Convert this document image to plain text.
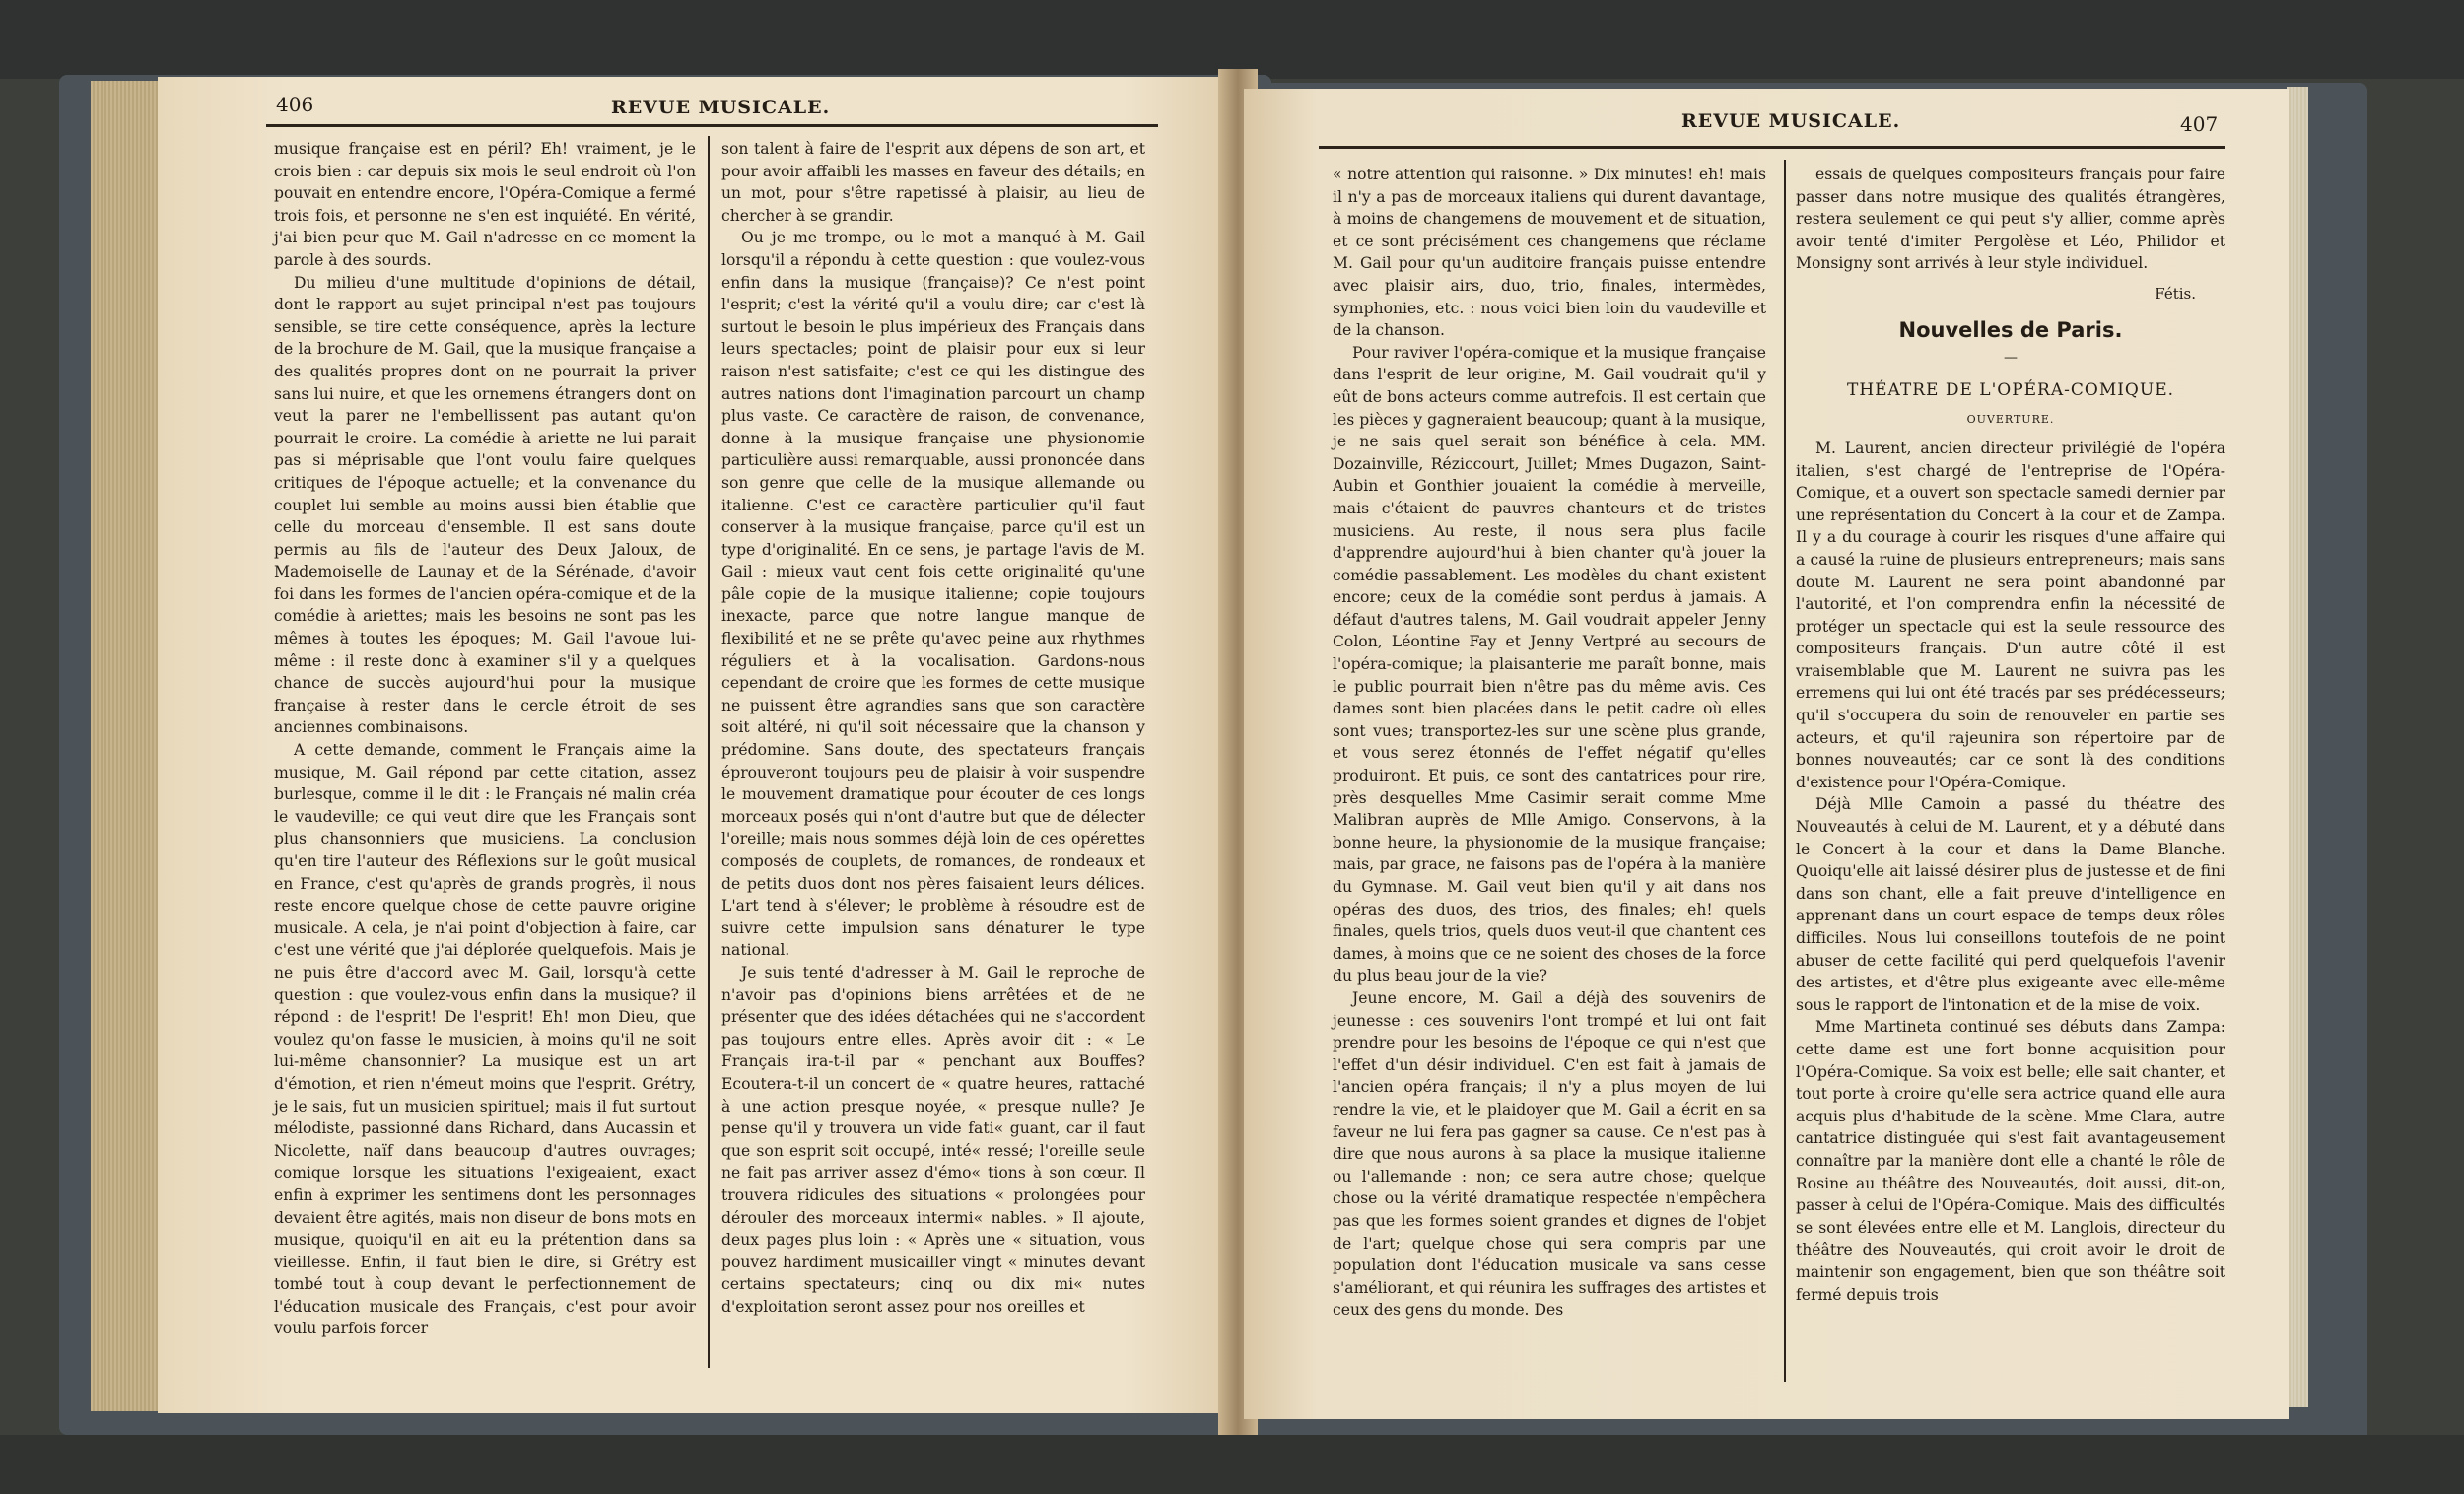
406	REVUE MUSICALE.

musique française est en péril? Eh! vraiment, je le crois bien : car depuis six mois le seul endroit où l'on pouvait en entendre encore, l'Opéra-Comique a fermé trois fois, et personne ne s'en est inquiété. En vérité, j'ai bien peur que M. Gail n'adresse en ce moment la parole à des sourds.

Du milieu d'une multitude d'opinions de détail, dont le rapport au sujet principal n'est pas toujours sensible, se tire cette conséquence, après la lecture de la brochure de M. Gail, que la musique française a des qualités propres dont on ne pourrait la priver sans lui nuire, et que les ornemens étrangers dont on veut la parer ne l'embellissent pas autant qu'on pourrait le croire. La comédie à ariette ne lui parait pas si méprisable que l'ont voulu faire quelques critiques de l'époque actuelle; et la convenance du couplet lui semble au moins aussi bien établie que celle du morceau d'ensemble. Il est sans doute permis au fils de l'auteur des Deux Jaloux, de Mademoiselle de Launay et de la Sérénade, d'avoir foi dans les formes de l'ancien opéra-comique et de la comédie à ariettes; mais les besoins ne sont pas les mêmes à toutes les époques; M. Gail l'avoue lui-même : il reste donc à examiner s'il y a quelques chance de succès aujourd'hui pour la musique française à rester dans le cercle étroit de ses anciennes combinaisons.

A cette demande, comment le Français aime la musique, M. Gail répond par cette citation, assez burlesque, comme il le dit : le Français né malin créa le vaudeville; ce qui veut dire que les Français sont plus chansonniers que musiciens. La conclusion qu'en tire l'auteur des Réflexions sur le goût musical en France, c'est qu'après de grands progrès, il nous reste encore quelque chose de cette pauvre origine musicale. A cela, je n'ai point d'objection à faire, car c'est une vérité que j'ai déplorée quelquefois. Mais je ne puis être d'accord avec M. Gail, lorsqu'à cette question : que voulez-vous enfin dans la musique? il répond : de l'esprit! De l'esprit! Eh! mon Dieu, que voulez qu'on fasse le musicien, à moins qu'il ne soit lui-même chansonnier? La musique est un art d'émotion, et rien n'émeut moins que l'esprit. Grétry, je le sais, fut un musicien spirituel; mais il fut surtout mélodiste, passionné dans Richard, dans Aucassin et Nicolette, naïf dans beaucoup d'autres ouvrages; comique lorsque les situations l'exigeaient, exact enfin à exprimer les sentimens dont les personnages devaient être agités, mais non diseur de bons mots en musique, quoiqu'il en ait eu la prétention dans sa vieillesse. Enfin, il faut bien le dire, si Grétry est tombé tout à coup devant le perfectionnement de l'éducation musicale des Français, c'est pour avoir voulu parfois forcer

son talent à faire de l'esprit aux dépens de son art, et pour avoir affaibli les masses en faveur des détails; en un mot, pour s'être rapetissé à plaisir, au lieu de chercher à se grandir.

Ou je me trompe, ou le mot a manqué à M. Gail lorsqu'il a répondu à cette question : que voulez-vous enfin dans la musique (française)? Ce n'est point l'esprit; c'est la vérité qu'il a voulu dire; car c'est là surtout le besoin le plus impérieux des Français dans leurs spectacles; point de plaisir pour eux si leur raison n'est satisfaite; c'est ce qui les distingue des autres nations dont l'imagination parcourt un champ plus vaste. Ce caractère de raison, de convenance, donne à la musique française une physionomie particulière aussi remarquable, aussi prononcée dans son genre que celle de la musique allemande ou italienne. C'est ce caractère particulier qu'il faut conserver à la musique française, parce qu'il est un type d'originalité. En ce sens, je partage l'avis de M. Gail : mieux vaut cent fois cette originalité qu'une pâle copie de la musique italienne; copie toujours inexacte, parce que notre langue manque de flexibilité et ne se prête qu'avec peine aux rhythmes réguliers et à la vocalisation. Gardons-nous cependant de croire que les formes de cette musique ne puissent être agrandies sans que son caractère soit altéré, ni qu'il soit nécessaire que la chanson y prédomine. Sans doute, des spectateurs français éprouveront toujours peu de plaisir à voir suspendre le mouvement dramatique pour écouter de ces longs morceaux posés qui n'ont d'autre but que de délecter l'oreille; mais nous sommes déjà loin de ces opérettes composés de couplets, de romances, de rondeaux et de petits duos dont nos pères faisaient leurs délices. L'art tend à s'élever; le problème à résoudre est de suivre cette impulsion sans dénaturer le type national.

Je suis tenté d'adresser à M. Gail le reproche de n'avoir pas d'opinions biens arrêtées et de ne présenter que des idées détachées qui ne s'accordent pas toujours entre elles. Après avoir dit : « Le Français ira-t-il par « penchant aux Bouffes? Ecoutera-t-il un concert de « quatre heures, rattaché à une action presque noyée, « presque nulle? Je pense qu'il y trouvera un vide fati« guant, car il faut que son esprit soit occupé, inté« ressé; l'oreille seule ne fait pas arriver assez d'émo« tions à son cœur. Il trouvera ridicules des situations « prolongées pour dérouler des morceaux intermi« nables. » Il ajoute, deux pages plus loin : « Après une « situation, vous pouvez hardiment musicailler vingt « minutes devant certains spectateurs; cinq ou dix mi« nutes d'exploitation seront assez pour nos oreilles et

REVUE MUSICALE.	407

« notre attention qui raisonne. » Dix minutes! eh! mais il n'y a pas de morceaux italiens qui durent davantage, à moins de changemens de mouvement et de situation, et ce sont précisément ces changemens que réclame M. Gail pour qu'un auditoire français puisse entendre avec plaisir airs, duo, trio, finales, intermèdes, symphonies, etc. : nous voici bien loin du vaudeville et de la chanson.

Pour raviver l'opéra-comique et la musique française dans l'esprit de leur origine, M. Gail voudrait qu'il y eût de bons acteurs comme autrefois. Il est certain que les pièces y gagneraient beaucoup; quant à la musique, je ne sais quel serait son bénéfice à cela. MM. Dozainville, Réziccourt, Juillet; Mmes Dugazon, Saint-Aubin et Gonthier jouaient la comédie à merveille, mais c'étaient de pauvres chanteurs et de tristes musiciens. Au reste, il nous sera plus facile d'apprendre aujourd'hui à bien chanter qu'à jouer la comédie passablement. Les modèles du chant existent encore; ceux de la comédie sont perdus à jamais. A défaut d'autres talens, M. Gail voudrait appeler Jenny Colon, Léontine Fay et Jenny Vertpré au secours de l'opéra-comique; la plaisanterie me paraît bonne, mais le public pourrait bien n'être pas du même avis. Ces dames sont bien placées dans le petit cadre où elles sont vues; transportez-les sur une scène plus grande, et vous serez étonnés de l'effet négatif qu'elles produiront. Et puis, ce sont des cantatrices pour rire, près desquelles Mme Casimir serait comme Mme Malibran auprès de Mlle Amigo. Conservons, à la bonne heure, la physionomie de la musique française; mais, par grace, ne faisons pas de l'opéra à la manière du Gymnase. M. Gail veut bien qu'il y ait dans nos opéras des duos, des trios, des finales; eh! quels finales, quels trios, quels duos veut-il que chantent ces dames, à moins que ce ne soient des choses de la force du plus beau jour de la vie?

Jeune encore, M. Gail a déjà des souvenirs de jeunesse : ces souvenirs l'ont trompé et lui ont fait prendre pour les besoins de l'époque ce qui n'est que l'effet d'un désir individuel. C'en est fait à jamais de l'ancien opéra français; il n'y a plus moyen de lui rendre la vie, et le plaidoyer que M. Gail a écrit en sa faveur ne lui fera pas gagner sa cause. Ce n'est pas à dire que nous aurons à sa place la musique italienne ou l'allemande : non; ce sera autre chose; quelque chose ou la vérité dramatique respectée n'empêchera pas que les formes soient grandes et dignes de l'objet de l'art; quelque chose qui sera compris par une population dont l'éducation musicale va sans cesse s'améliorant, et qui réunira les suffrages des artistes et ceux des gens du monde. Des

essais de quelques compositeurs français pour faire passer dans notre musique des qualités étrangères, restera seulement ce qui peut s'y allier, comme après avoir tenté d'imiter Pergolèse et Léo, Philidor et Monsigny sont arrivés à leur style individuel.

Fétis.
Nouvelles de Paris.
—
THÉATRE DE L'OPÉRA-COMIQUE.
OUVERTURE.

M. Laurent, ancien directeur privilégié de l'opéra italien, s'est chargé de l'entreprise de l'Opéra-Comique, et a ouvert son spectacle samedi dernier par une représentation du Concert à la cour et de Zampa. Il y a du courage à courir les risques d'une affaire qui a causé la ruine de plusieurs entrepreneurs; mais sans doute M. Laurent ne sera point abandonné par l'autorité, et l'on comprendra enfin la nécessité de protéger un spectacle qui est la seule ressource des compositeurs français. D'un autre côté il est vraisemblable que M. Laurent ne suivra pas les erremens qui lui ont été tracés par ses prédécesseurs; qu'il s'occupera du soin de renouveler en partie ses acteurs, et qu'il rajeunira son répertoire par de bonnes nouveautés; car ce sont là des conditions d'existence pour l'Opéra-Comique.

Déjà Mlle Camoin a passé du théatre des Nouveautés à celui de M. Laurent, et y a débuté dans le Concert à la cour et dans la Dame Blanche. Quoiqu'elle ait laissé désirer plus de justesse et de fini dans son chant, elle a fait preuve d'intelligence en apprenant dans un court espace de temps deux rôles difficiles. Nous lui conseillons toutefois de ne point abuser de cette facilité qui perd quelquefois l'avenir des artistes, et d'être plus exigeante avec elle-même sous le rapport de l'intonation et de la mise de voix.

Mme Martineta continué ses débuts dans Zampa: cette dame est une fort bonne acquisition pour l'Opéra-Comique. Sa voix est belle; elle sait chanter, et tout porte à croire qu'elle sera actrice quand elle aura acquis plus d'habitude de la scène. Mme Clara, autre cantatrice distinguée qui s'est fait avantageusement connaître par la manière dont elle a chanté le rôle de Rosine au théâtre des Nouveautés, doit aussi, dit-on, passer à celui de l'Opéra-Comique. Mais des difficultés se sont élevées entre elle et M. Langlois, directeur du théâtre des Nouveautés, qui croit avoir le droit de maintenir son engagement, bien que son théâtre soit fermé depuis trois
